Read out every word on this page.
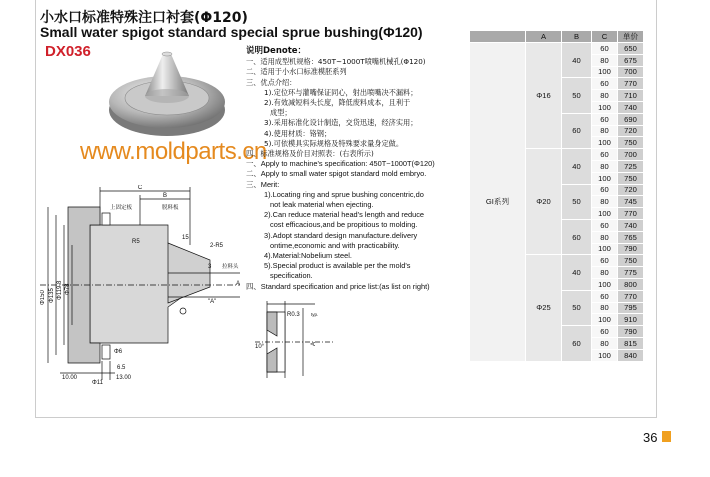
小水口标准特殊注口衬套(Φ120)
Small water spigot standard special sprue bushing(Φ120)
DX036
www.moldparts.cn
说明Denote：
一、适用成型机规格：450T~1000T喷嘴机械孔(Φ120)
二、适用于小水口标准模胚系列
三、优点介绍：
1).定位环与灌嘴保证同心，射出喷嘴决不漏料；
2).有效减短料头长度，降低废料成本，且利于
成型；
3).采用标准化设计制造，交货迅速，经济实用；
4).使用材质：铬钢；
5).可依模具实际规格及特殊要求量身定做。
四、标准规格及价目对照表：(右表所示)
一、Apply to machine's specification: 450T~1000T(Φ120)
二、Apply to small water spigot standard mold embryo.
三、Merit:
1).Locating ring and sprue bushing concentric,do
not leak material when ejecting.
2).Can reduce material head's length and reduce
cost efficacious,and be propitious to molding.
3).Adopt standard design manufacture.delivery
ontime,economic and with practicability.
4).Material:Nobelium steel.
5).Special product is available per the mold's
specification.
四、Standard specification and price list:(as list on right)
C
B
上固定板	脱料板
R5
15
2-R5
3 拉料头
A
"A"
Φ150 Φ135 Φ119.8 Φ78
6.5
10.00	13.00
Φ11
Φ6
R0.3	typ.
10°
A
	A	B	C	单价
GI系列	Φ16	40	60	650
			80	675
			100	700
		50	60	770
			80	710
			100	740
		60	60	690
			80	720
			100	750
	Φ20	40	60	700
			80	725
			100	750
		50	60	720
			80	745
			100	770
		60	60	740
			80	765
			100	790
	Φ25	40	60	750
			80	775
			100	800
		50	60	770
			80	795
			100	910
		60	60	790
			80	815
			100	840
36
